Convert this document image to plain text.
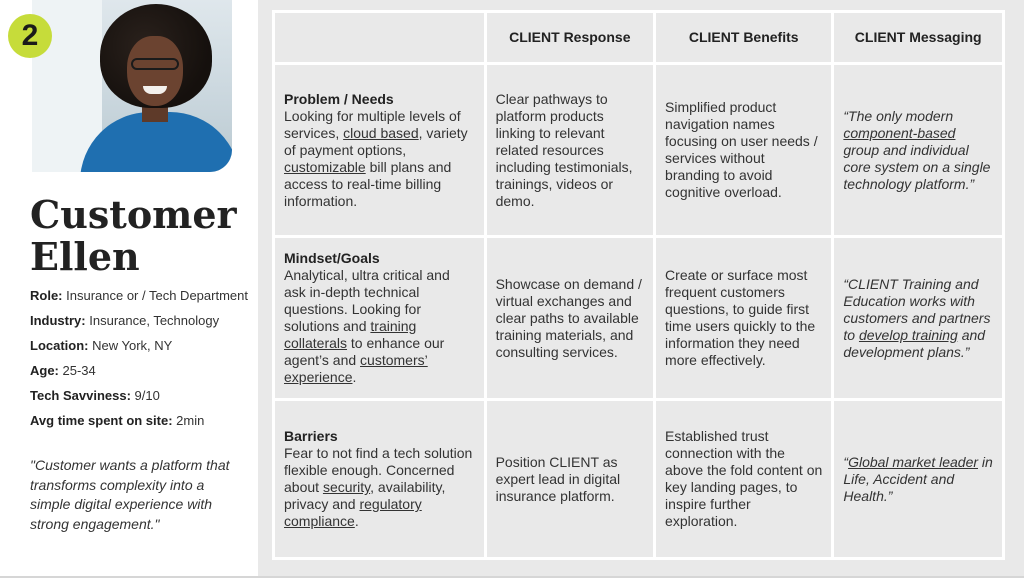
2
Customer
Ellen
Role: Insurance or / Tech Department
Industry: Insurance, Technology
Location: New York, NY
Age: 25-34
Tech Savviness: 9/10
Avg time spent on site: 2min
"Customer wants a platform that transforms complexity into a simple digital experience with strong engagement."
	CLIENT Response	CLIENT Benefits	CLIENT Messaging

Problem / Needs
Looking for multiple levels of services, cloud based, variety of payment options, customizable bill plans and access to real-time billing information.	Clear pathways to platform products linking to relevant related resources including testimonials, trainings, videos or demo.	Simplified product navigation names focusing on user needs / services without branding to avoid cognitive overload.	“The only modern component-based group and individual core system on a single technology platform.”

Mindset/Goals
Analytical, ultra critical and ask in-depth technical questions. Looking for solutions and training collaterals to enhance our agent’s and customers’ experience.	Showcase on demand / virtual exchanges and clear paths to available training materials, and consulting services.	Create or surface most frequent customers questions, to guide first time users quickly to the information they need more effectively.	“CLIENT Training and Education works with customers and partners to develop training and development plans.”

Barriers
Fear to not find a tech solution flexible enough. Concerned about security, availability, privacy and regulatory compliance.	Position CLIENT as expert lead in digital insurance platform.	Established trust connection with the above the fold content on key landing pages, to inspire further exploration.	“Global market leader in Life, Accident and Health.”
